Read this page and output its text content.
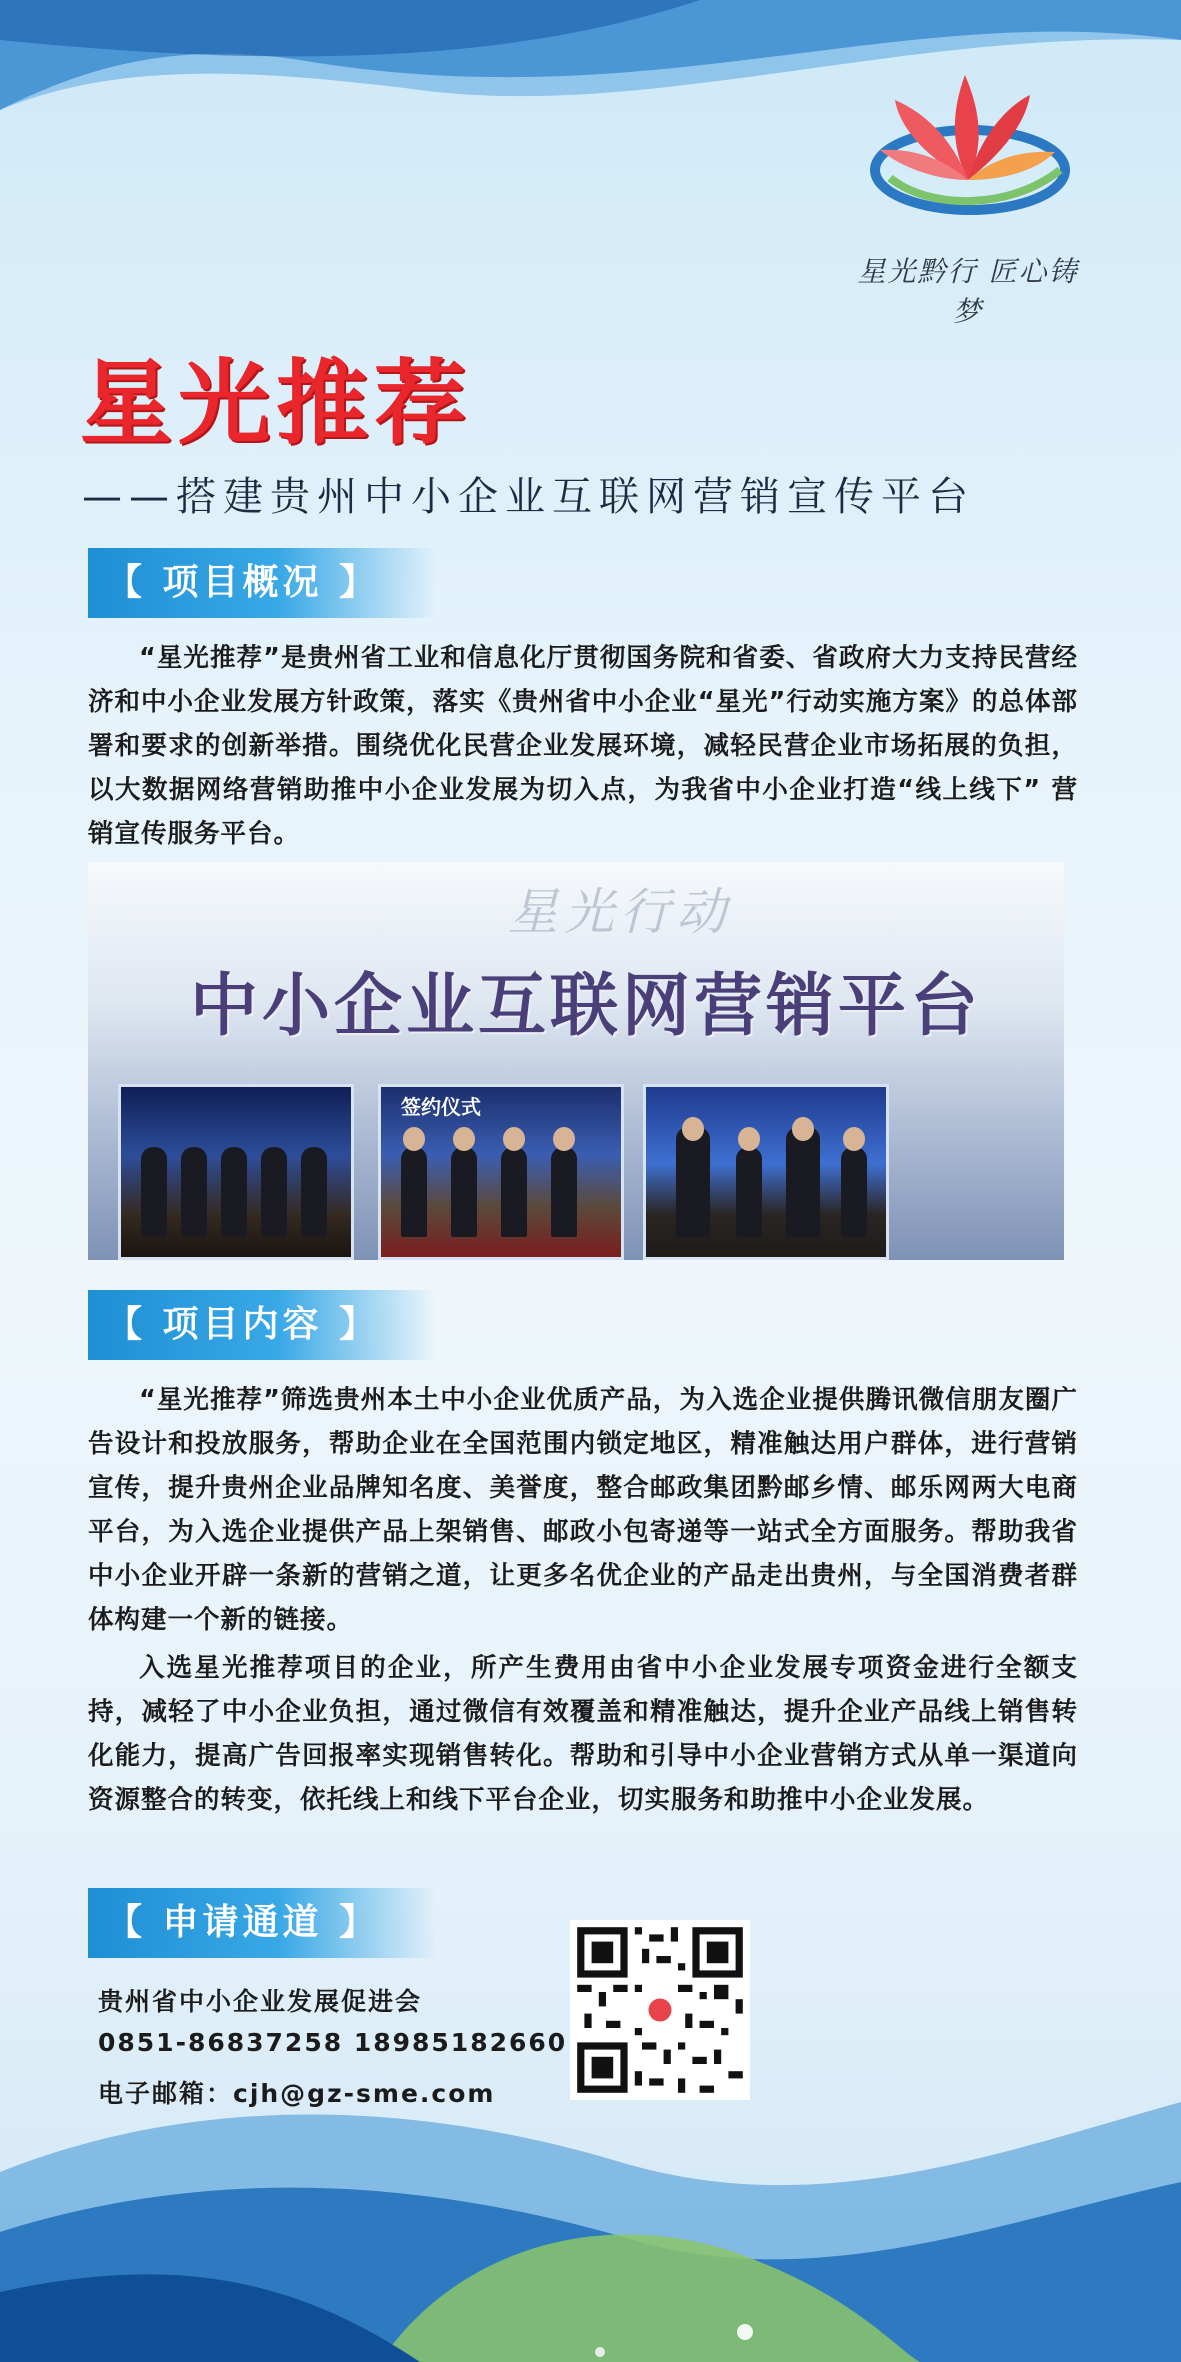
星光黔行 匠心铸梦
星光推荐
——搭建贵州中小企业互联网营销宣传平台
【 项目概况 】
“星光推荐”是贵州省工业和信息化厅贯彻国务院和省委、省政府大力支持民营经济和中小企业发展方针政策，落实《贵州省中小企业“星光”行动实施方案》的总体部署和要求的创新举措。围绕优化民营企业发展环境，减轻民营企业市场拓展的负担，以大数据网络营销助推中小企业发展为切入点，为我省中小企业打造“线上线下” 营销宣传服务平台。
星光行动
中小企业互联网营销平台
签约仪式
【 项目内容 】
“星光推荐”筛选贵州本土中小企业优质产品，为入选企业提供腾讯微信朋友圈广告设计和投放服务，帮助企业在全国范围内锁定地区，精准触达用户群体，进行营销宣传，提升贵州企业品牌知名度、美誉度，整合邮政集团黔邮乡情、邮乐网两大电商平台，为入选企业提供产品上架销售、邮政小包寄递等一站式全方面服务。帮助我省中小企业开辟一条新的营销之道，让更多名优企业的产品走出贵州，与全国消费者群体构建一个新的链接。
入选星光推荐项目的企业，所产生费用由省中小企业发展专项资金进行全额支持，减轻了中小企业负担，通过微信有效覆盖和精准触达，提升企业产品线上销售转化能力，提高广告回报率实现销售转化。帮助和引导中小企业营销方式从单一渠道向资源整合的转变，依托线上和线下平台企业，切实服务和助推中小企业发展。
【 申请通道 】
贵州省中小企业发展促进会
0851-86837258 18985182660
电子邮箱：cjh@gz-sme.com
